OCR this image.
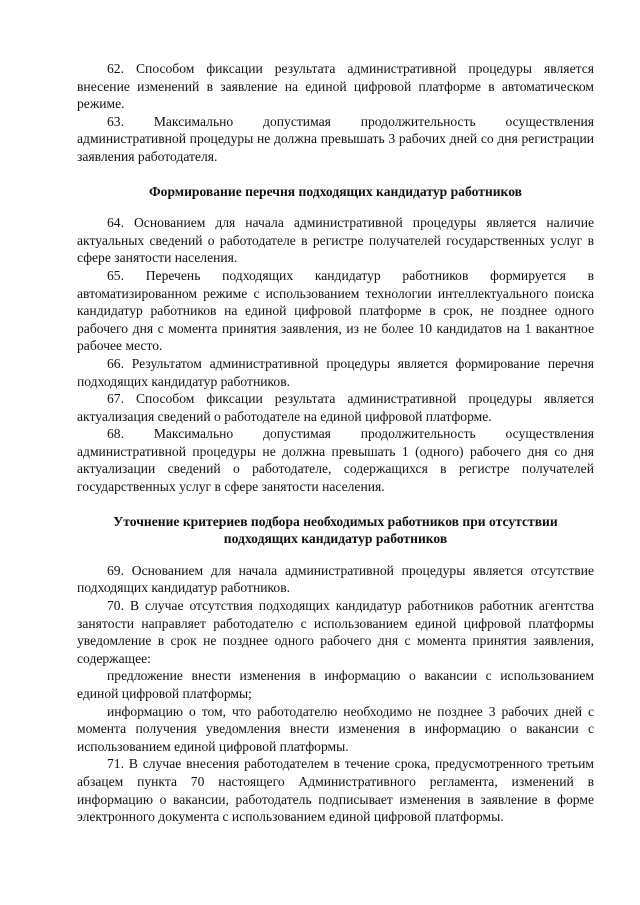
62. Способом фиксации результата административной процедуры является внесение изменений в заявление на единой цифровой платформе в автоматическом режиме.

63. Максимально допустимая продолжительность осуществления административной процедуры не должна превышать 3 рабочих дней со дня регистрации заявления работодателя.

Формирование перечня подходящих кандидатур работников

64. Основанием для начала административной процедуры является наличие актуальных сведений о работодателе в регистре получателей государственных услуг в сфере занятости населения.

65. Перечень подходящих кандидатур работников формируется в автоматизированном режиме с использованием технологии интеллектуального поиска кандидатур работников на единой цифровой платформе в срок, не позднее одного рабочего дня с момента принятия заявления, из не более 10 кандидатов на 1 вакантное рабочее место.

66. Результатом административной процедуры является формирование перечня подходящих кандидатур работников.

67. Способом фиксации результата административной процедуры является актуализация сведений о работодателе на единой цифровой платформе.

68. Максимально допустимая продолжительность осуществления административной процедуры не должна превышать 1 (одного) рабочего дня со дня актуализации сведений о работодателе, содержащихся в регистре получателей государственных услуг в сфере занятости населения.

Уточнение критериев подбора необходимых работников при отсутствии

подходящих кандидатур работников

69. Основанием для начала административной процедуры является отсутствие подходящих кандидатур работников.

70. В случае отсутствия подходящих кандидатур работников работник агентства занятости направляет работодателю с использованием единой цифровой платформы уведомление в срок не позднее одного рабочего дня с момента принятия заявления, содержащее:

предложение внести изменения в информацию о вакансии с использованием единой цифровой платформы;

информацию о том, что работодателю необходимо не позднее 3 рабочих дней с момента получения уведомления внести изменения в информацию о вакансии с использованием единой цифровой платформы.

71. В случае внесения работодателем в течение срока, предусмотренного третьим абзацем пункта 70 настоящего Административного регламента, изменений в информацию о вакансии, работодатель подписывает изменения в заявление в форме электронного документа с использованием единой цифровой платформы.
